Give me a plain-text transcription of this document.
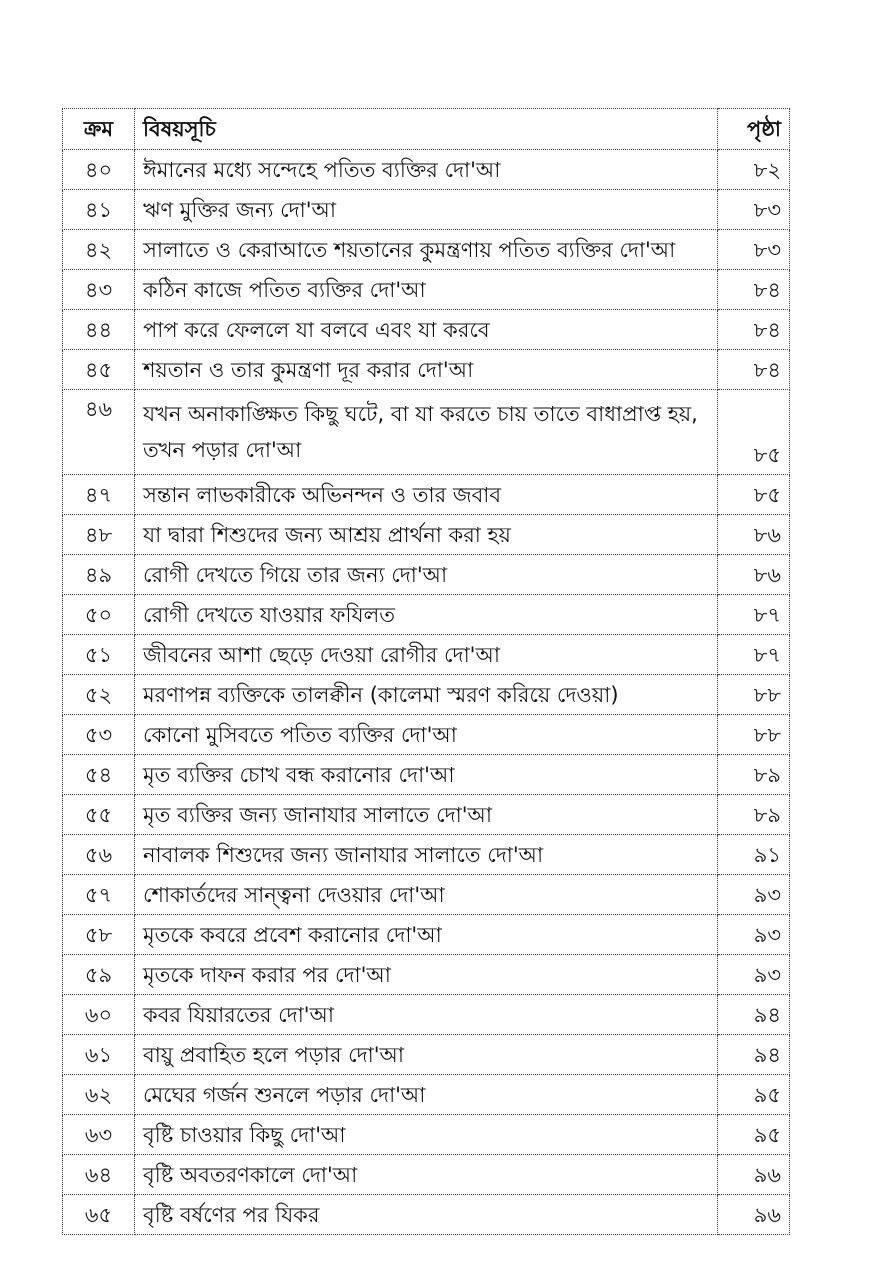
ক্রম	বিষয়সূচি	পৃষ্ঠা
৪০	ঈমানের মধ্যে সন্দেহে পতিত ব্যক্তির দো'আ	৮২
৪১	ঋণ মুক্তির জন্য দো'আ	৮৩
৪২	সালাতে ও কেরাআতে শয়তানের কুমন্ত্রণায় পতিত ব্যক্তির দো'আ	৮৩
৪৩	কঠিন কাজে পতিত ব্যক্তির দো'আ	৮৪
৪৪	পাপ করে ফেললে যা বলবে এবং যা করবে	৮৪
৪৫	শয়তান ও তার কুমন্ত্রণা দূর করার দো'আ	৮৪
৪৬	যখন অনাকাঙ্ক্ষিত কিছু ঘটে, বা যা করতে চায় তাতে বাধাপ্রাপ্ত হয়, তখন পড়ার দো'আ	৮৫
৪৭	সন্তান লাভকারীকে অভিনন্দন ও তার জবাব	৮৫
৪৮	যা দ্বারা শিশুদের জন্য আশ্রয় প্রার্থনা করা হয়	৮৬
৪৯	রোগী দেখতে গিয়ে তার জন্য দো'আ	৮৬
৫০	রোগী দেখতে যাওয়ার ফযিলত	৮৭
৫১	জীবনের আশা ছেড়ে দেওয়া রোগীর দো'আ	৮৭
৫২	মরণাপন্ন ব্যক্তিকে তালক্বীন (কালেমা স্মরণ করিয়ে দেওয়া)	৮৮
৫৩	কোনো মুসিবতে পতিত ব্যক্তির দো'আ	৮৮
৫৪	মৃত ব্যক্তির চোখ বন্ধ করানোর দো'আ	৮৯
৫৫	মৃত ব্যক্তির জন্য জানাযার সালাতে দো'আ	৮৯
৫৬	নাবালক শিশুদের জন্য জানাযার সালাতে দো'আ	৯১
৫৭	শোকার্তদের সান্ত্বনা দেওয়ার দো'আ	৯৩
৫৮	মৃতকে কবরে প্রবেশ করানোর দো'আ	৯৩
৫৯	মৃতকে দাফন করার পর দো'আ	৯৩
৬০	কবর যিয়ারতের দো'আ	৯৪
৬১	বায়ু প্রবাহিত হলে পড়ার দো'আ	৯৪
৬২	মেঘের গর্জন শুনলে পড়ার দো'আ	৯৫
৬৩	বৃষ্টি চাওয়ার কিছু দো'আ	৯৫
৬৪	বৃষ্টি অবতরণকালে দো'আ	৯৬
৬৫	বৃষ্টি বর্ষণের পর যিকর	৯৬
